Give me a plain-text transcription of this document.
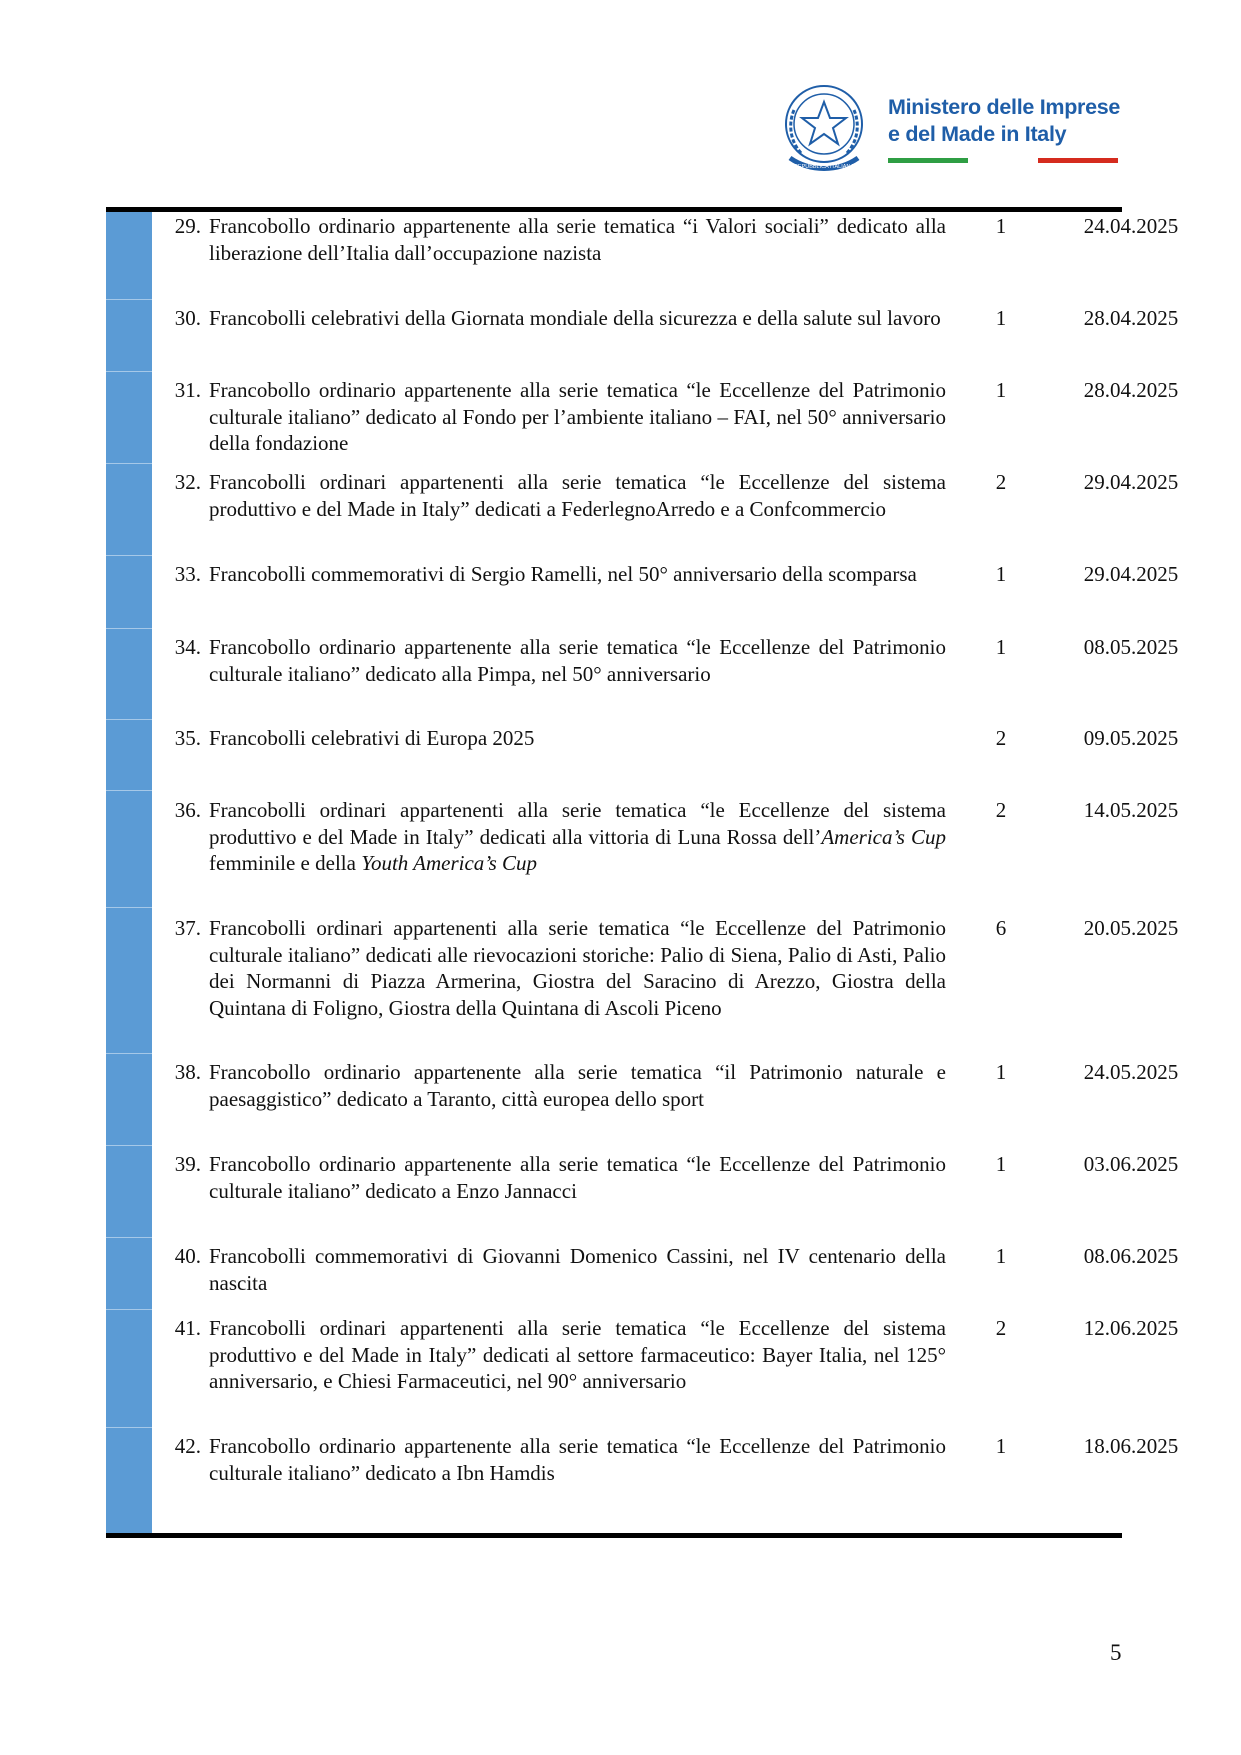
REPUBBLICA ITALIANA
Ministero delle Imprese
e del Made in Italy
29. Francobollo ordinario appartenente alla serie tematica “i Valori sociali” dedicato alla liberazione dell’Italia dall’occupazione nazista
1	24.04.2025
30. Francobolli celebrativi della Giornata mondiale della sicurezza e della salute sul lavoro	1	28.04.2025
31. Francobollo ordinario appartenente alla serie tematica “le Eccellenze del Patrimonio culturale italiano” dedicato al Fondo per l’ambiente italiano – FAI, nel 50° anniversario della fondazione
1	28.04.2025
32. Francobolli ordinari appartenenti alla serie tematica “le Eccellenze del sistema produttivo e del Made in Italy” dedicati a FederlegnoArredo e a Confcommercio
2	29.04.2025
33. Francobolli commemorativi di Sergio Ramelli, nel 50° anniversario della scomparsa	1	29.04.2025
34. Francobollo ordinario appartenente alla serie tematica “le Eccellenze del Patrimonio culturale italiano” dedicato alla Pimpa, nel 50° anniversario
1	08.05.2025
35. Francobolli celebrativi di Europa 2025	2	09.05.2025
36. Francobolli ordinari appartenenti alla serie tematica “le Eccellenze del sistema produttivo e del Made in Italy” dedicati alla vittoria di Luna Rossa dell’America’s Cup femminile e della Youth America’s Cup
2	14.05.2025
37. Francobolli ordinari appartenenti alla serie tematica “le Eccellenze del Patrimonio culturale italiano” dedicati alle rievocazioni storiche: Palio di Siena, Palio di Asti, Palio dei Normanni di Piazza Armerina, Giostra del Saracino di Arezzo, Giostra della Quintana di Foligno, Giostra della Quintana di Ascoli Piceno
6	20.05.2025
38. Francobollo ordinario appartenente alla serie tematica “il Patrimonio naturale e paesaggistico” dedicato a Taranto, città europea dello sport
1	24.05.2025
39. Francobollo ordinario appartenente alla serie tematica “le Eccellenze del Patrimonio culturale italiano” dedicato a Enzo Jannacci
1	03.06.2025
40. Francobolli commemorativi di Giovanni Domenico Cassini, nel IV centenario della nascita
1	08.06.2025
41. Francobolli ordinari appartenenti alla serie tematica “le Eccellenze del sistema produttivo e del Made in Italy” dedicati al settore farmaceutico: Bayer Italia, nel 125° anniversario, e Chiesi Farmaceutici, nel 90° anniversario
2	12.06.2025
42. Francobollo ordinario appartenente alla serie tematica “le Eccellenze del Patrimonio culturale italiano” dedicato a Ibn Hamdis
1	18.06.2025
5
